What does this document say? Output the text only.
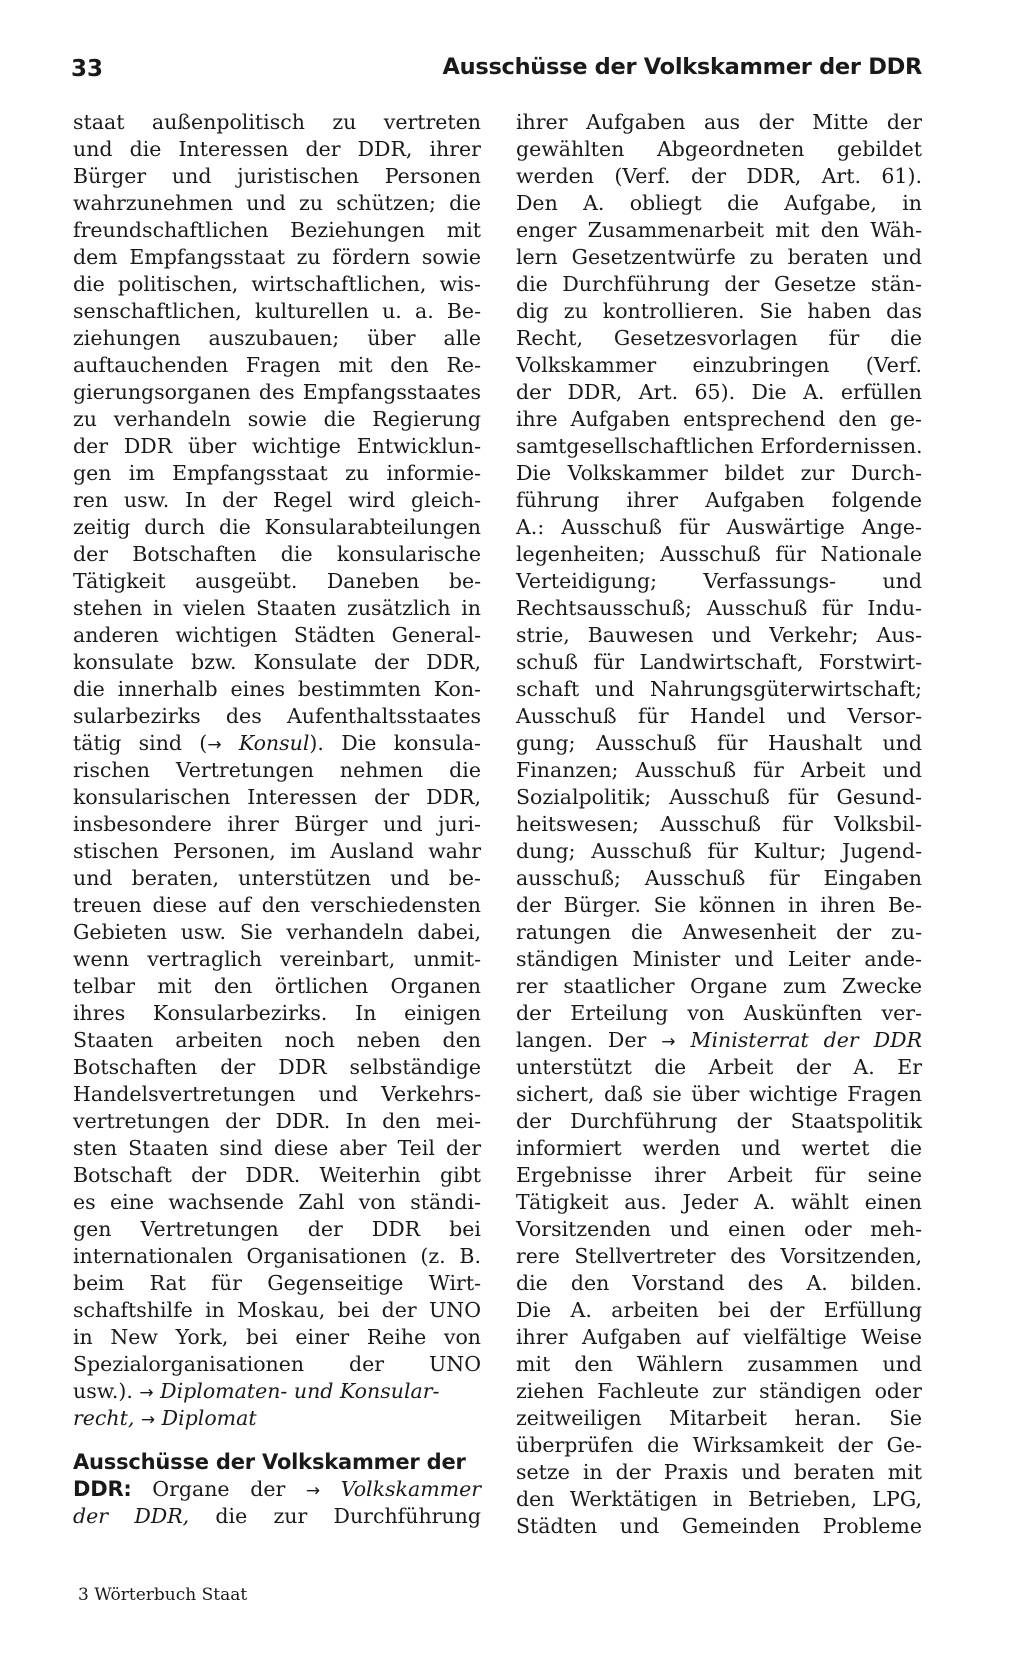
33	Ausschüsse der Volkskammer der DDR
staat außenpolitisch zu vertreten
und die Interessen der DDR, ihrer
Bürger und juristischen Personen
wahrzunehmen und zu schützen; die
freundschaftlichen Beziehungen mit
dem Empfangsstaat zu fördern sowie
die politischen, wirtschaftlichen, wis-
senschaftlichen, kulturellen u. a. Be-
ziehungen auszubauen; über alle
auftauchenden Fragen mit den Re-
gierungsorganen des Empfangsstaates
zu verhandeln sowie die Regierung
der DDR über wichtige Entwicklun-
gen im Empfangsstaat zu informie-
ren usw. In der Regel wird gleich-
zeitig durch die Konsularabteilungen
der Botschaften die konsularische
Tätigkeit ausgeübt. Daneben be-
stehen in vielen Staaten zusätzlich in
anderen wichtigen Städten General-
konsulate bzw. Konsulate der DDR,
die innerhalb eines bestimmten Kon-
sularbezirks des Aufenthaltsstaates
tätig sind (→ Konsul). Die konsula-
rischen Vertretungen nehmen die
konsularischen Interessen der DDR,
insbesondere ihrer Bürger und juri-
stischen Personen, im Ausland wahr
und beraten, unterstützen und be-
treuen diese auf den verschiedensten
Gebieten usw. Sie verhandeln dabei,
wenn vertraglich vereinbart, unmit-
telbar mit den örtlichen Organen
ihres Konsularbezirks. In einigen
Staaten arbeiten noch neben den
Botschaften der DDR selbständige
Handelsvertretungen und Verkehrs-
vertretungen der DDR. In den mei-
sten Staaten sind diese aber Teil der
Botschaft der DDR. Weiterhin gibt
es eine wachsende Zahl von ständi-
gen Vertretungen der DDR bei
internationalen Organisationen (z. B.
beim Rat für Gegenseitige Wirt-
schaftshilfe in Moskau, bei der UNO
in New York, bei einer Reihe von
Spezialorganisationen der UNO
usw.). → Diplomaten- und Konsular-
recht, → Diplomat
Ausschüsse der Volkskammer der
DDR: Organe der → Volkskammer
der DDR, die zur Durchführung
ihrer Aufgaben aus der Mitte der
gewählten Abgeordneten gebildet
werden (Verf. der DDR, Art. 61).
Den A. obliegt die Aufgabe, in
enger Zusammenarbeit mit den Wäh-
lern Gesetzentwürfe zu beraten und
die Durchführung der Gesetze stän-
dig zu kontrollieren. Sie haben das
Recht, Gesetzesvorlagen für die
Volkskammer einzubringen (Verf.
der DDR, Art. 65). Die A. erfüllen
ihre Aufgaben entsprechend den ge-
samtgesellschaftlichen Erfordernissen.
Die Volkskammer bildet zur Durch-
führung ihrer Aufgaben folgende
A.: Ausschuß für Auswärtige Ange-
legenheiten; Ausschuß für Nationale
Verteidigung; Verfassungs- und
Rechtsausschuß; Ausschuß für Indu-
strie, Bauwesen und Verkehr; Aus-
schuß für Landwirtschaft, Forstwirt-
schaft und Nahrungsgüterwirtschaft;
Ausschuß für Handel und Versor-
gung; Ausschuß für Haushalt und
Finanzen; Ausschuß für Arbeit und
Sozialpolitik; Ausschuß für Gesund-
heitswesen; Ausschuß für Volksbil-
dung; Ausschuß für Kultur; Jugend-
ausschuß; Ausschuß für Eingaben
der Bürger. Sie können in ihren Be-
ratungen die Anwesenheit der zu-
ständigen Minister und Leiter ande-
rer staatlicher Organe zum Zwecke
der Erteilung von Auskünften ver-
langen. Der → Ministerrat der DDR
unterstützt die Arbeit der A. Er
sichert, daß sie über wichtige Fragen
der Durchführung der Staatspolitik
informiert werden und wertet die
Ergebnisse ihrer Arbeit für seine
Tätigkeit aus. Jeder A. wählt einen
Vorsitzenden und einen oder meh-
rere Stellvertreter des Vorsitzenden,
die den Vorstand des A. bilden.
Die A. arbeiten bei der Erfüllung
ihrer Aufgaben auf vielfältige Weise
mit den Wählern zusammen und
ziehen Fachleute zur ständigen oder
zeitweiligen Mitarbeit heran. Sie
überprüfen die Wirksamkeit der Ge-
setze in der Praxis und beraten mit
den Werktätigen in Betrieben, LPG,
Städten und Gemeinden Probleme
3 Wörterbuch Staat
